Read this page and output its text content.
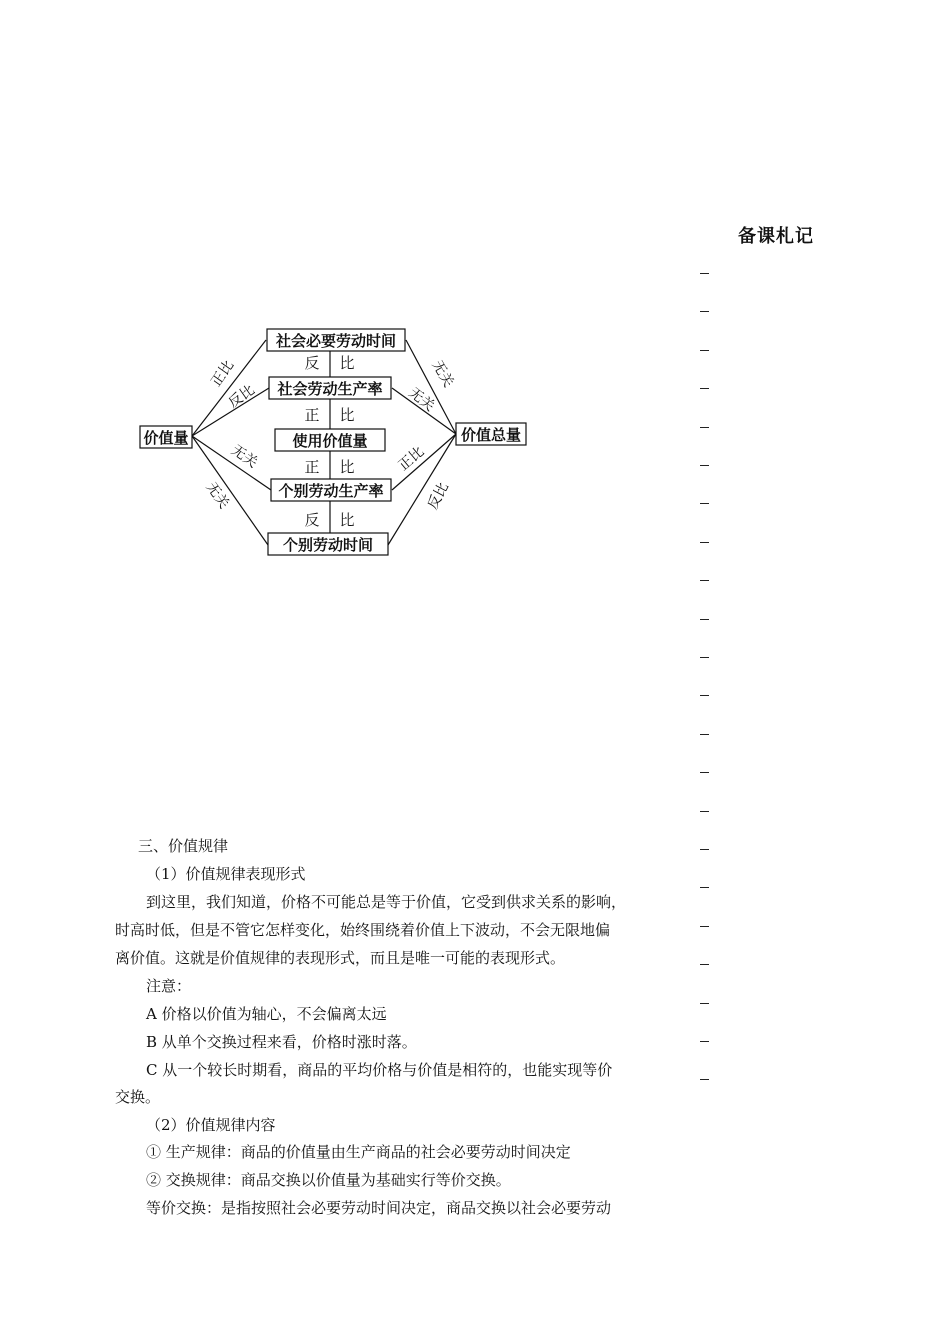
备课札记
社会必要劳动时间
社会劳动生产率
使用价值量
个别劳动生产率
个别劳动时间
价值量	价值总量
反 比
正 比
正 比
反 比
正比
反比
无关
无关
无关
无关
正比
反比
三、价值规律
（1）价值规律表现形式
到这里，我们知道，价格不可能总是等于价值，它受到供求关系的影响，
时高时低，但是不管它怎样变化，始终围绕着价值上下波动，不会无限地偏
离价值。这就是价值规律的表现形式，而且是唯一可能的表现形式。
注意：
A 价格以价值为轴心，不会偏离太远
B 从单个交换过程来看，价格时涨时落。
C 从一个较长时期看，商品的平均价格与价值是相符的，也能实现等价
交换。
（2）价值规律内容
① 生产规律：商品的价值量由生产商品的社会必要劳动时间决定
② 交换规律：商品交换以价值量为基础实行等价交换。
等价交换：是指按照社会必要劳动时间决定，商品交换以社会必要劳动
